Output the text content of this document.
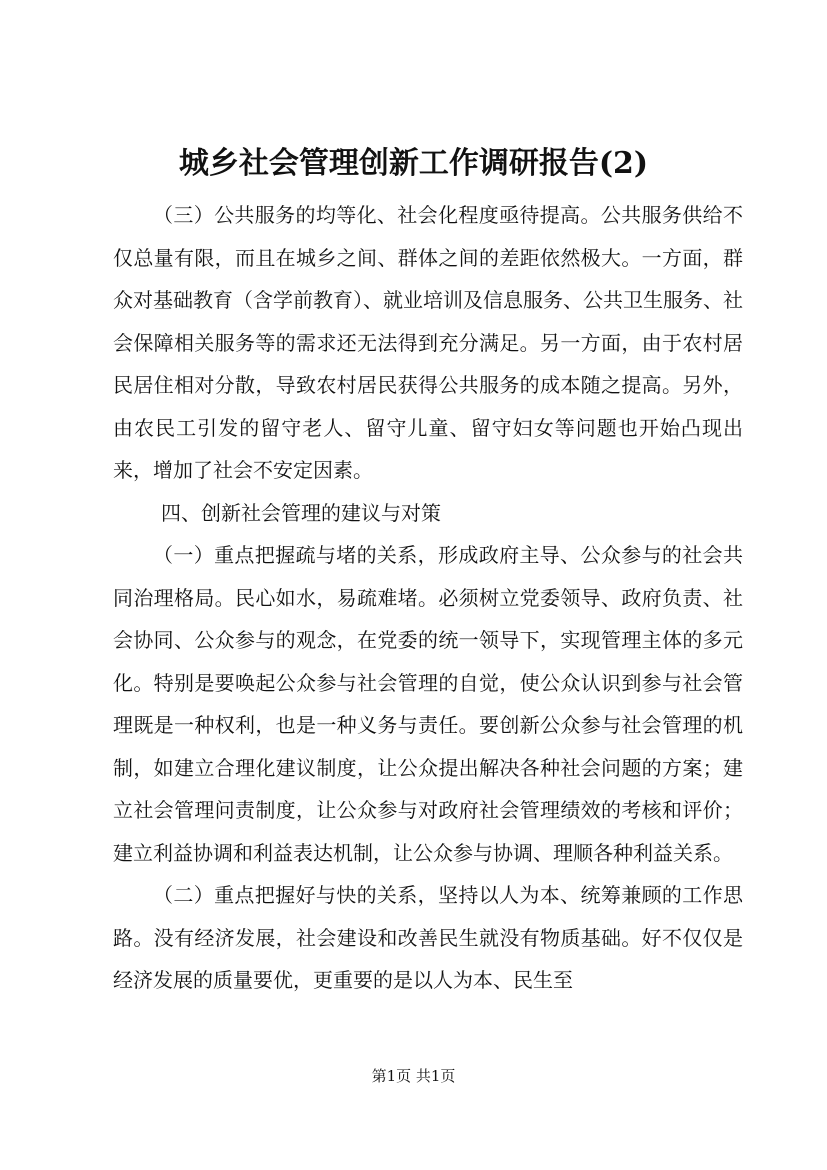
城乡社会管理创新工作调研报告(2)

（三）公共服务的均等化、社会化程度亟待提高。公共服务供给不仅总量有限，而且在城乡之间、群体之间的差距依然极大。一方面，群众对基础教育（含学前教育）、就业培训及信息服务、公共卫生服务、社会保障相关服务等的需求还无法得到充分满足。另一方面，由于农村居民居住相对分散，导致农村居民获得公共服务的成本随之提高。另外，由农民工引发的留守老人、留守儿童、留守妇女等问题也开始凸现出来，增加了社会不安定因素。

四、创新社会管理的建议与对策

（一）重点把握疏与堵的关系，形成政府主导、公众参与的社会共同治理格局。民心如水，易疏难堵。必须树立党委领导、政府负责、社会协同、公众参与的观念，在党委的统一领导下，实现管理主体的多元化。特别是要唤起公众参与社会管理的自觉，使公众认识到参与社会管理既是一种权利，也是一种义务与责任。要创新公众参与社会管理的机制，如建立合理化建议制度，让公众提出解决各种社会问题的方案；建立社会管理问责制度，让公众参与对政府社会管理绩效的考核和评价；建立利益协调和利益表达机制，让公众参与协调、理顺各种利益关系。

（二）重点把握好与快的关系，坚持以人为本、统筹兼顾的工作思路。没有经济发展，社会建设和改善民生就没有物质基础。好不仅仅是经济发展的质量要优，更重要的是以人为本、民生至

第1页 共1页
